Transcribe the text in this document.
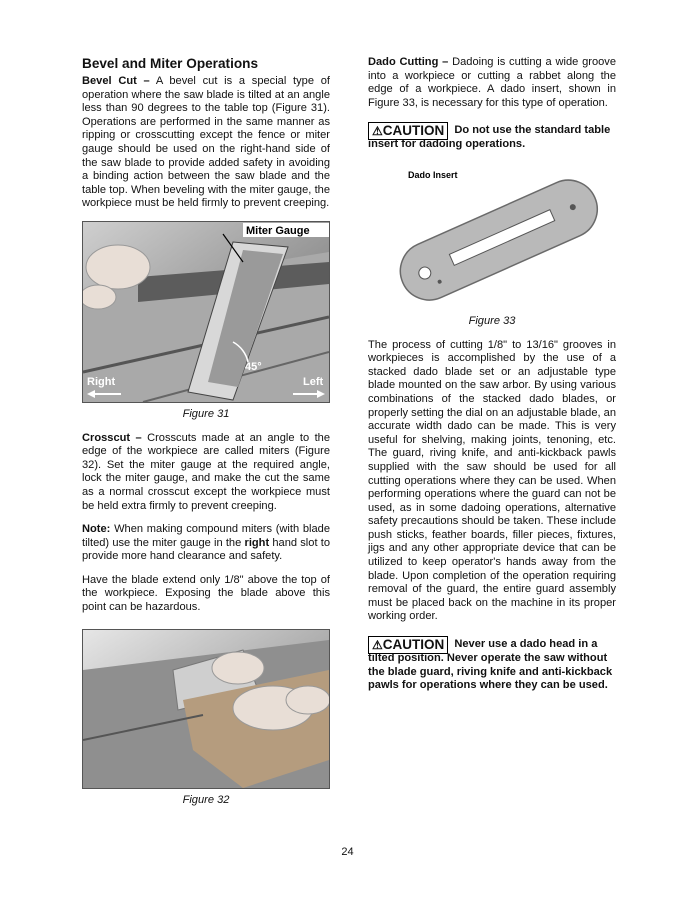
Bevel and Miter Operations

Bevel Cut – A bevel cut is a special type of operation where the saw blade is tilted at an angle less than 90 degrees to the table top (Figure 31). Operations are performed in the same manner as ripping or crosscutting except the fence or miter gauge should be used on the right-hand side of the saw blade to provide added safety in avoiding a binding action between the saw blade and the table top. When beveling with the miter gauge, the workpiece must be held firmly to prevent creeping.

Miter Gauge
45°
Right	Left
Figure 31

Crosscut – Crosscuts made at an angle to the edge of the workpiece are called miters (Figure 32). Set the miter gauge at the required angle, lock the miter gauge, and make the cut the same as a normal crosscut except the workpiece must be held extra firmly to prevent creeping.

Note: When making compound miters (with blade tilted) use the miter gauge in the right hand slot to provide more hand clearance and safety.

Have the blade extend only 1/8" above the top of the workpiece. Exposing the blade above this point can be hazardous.

Figure 32

Dado Cutting – Dadoing is cutting a wide groove into a workpiece or cutting a rabbet along the edge of a workpiece. A dado insert, shown in Figure 33, is necessary for this type of operation.

⚠CAUTION Do not use the standard table insert for dadoing operations.
Dado Insert
Figure 33

The process of cutting 1/8" to 13/16" grooves in workpieces is accomplished by the use of a stacked dado blade set or an adjustable type blade mounted on the saw arbor. By using various combinations of the stacked dado blades, or properly setting the dial on an adjustable blade, an accurate width dado can be made. This is very useful for shelving, making joints, tenoning, etc. The guard, riving knife, and anti-kickback pawls supplied with the saw should be used for all cutting operations where they can be used. When performing operations where the guard can not be used, as in some dadoing operations, alternative safety precautions should be taken. These include push sticks, feather boards, filler pieces, fixtures, jigs and any other appropriate device that can be utilized to keep operator's hands away from the blade. Upon completion of the operation requiring removal of the guard, the entire guard assembly must be placed back on the machine in its proper working order.

⚠CAUTION Never use a dado head in a tilted position. Never operate the saw without the blade guard, riving knife and anti-kickback pawls for operations where they can be used.
24
